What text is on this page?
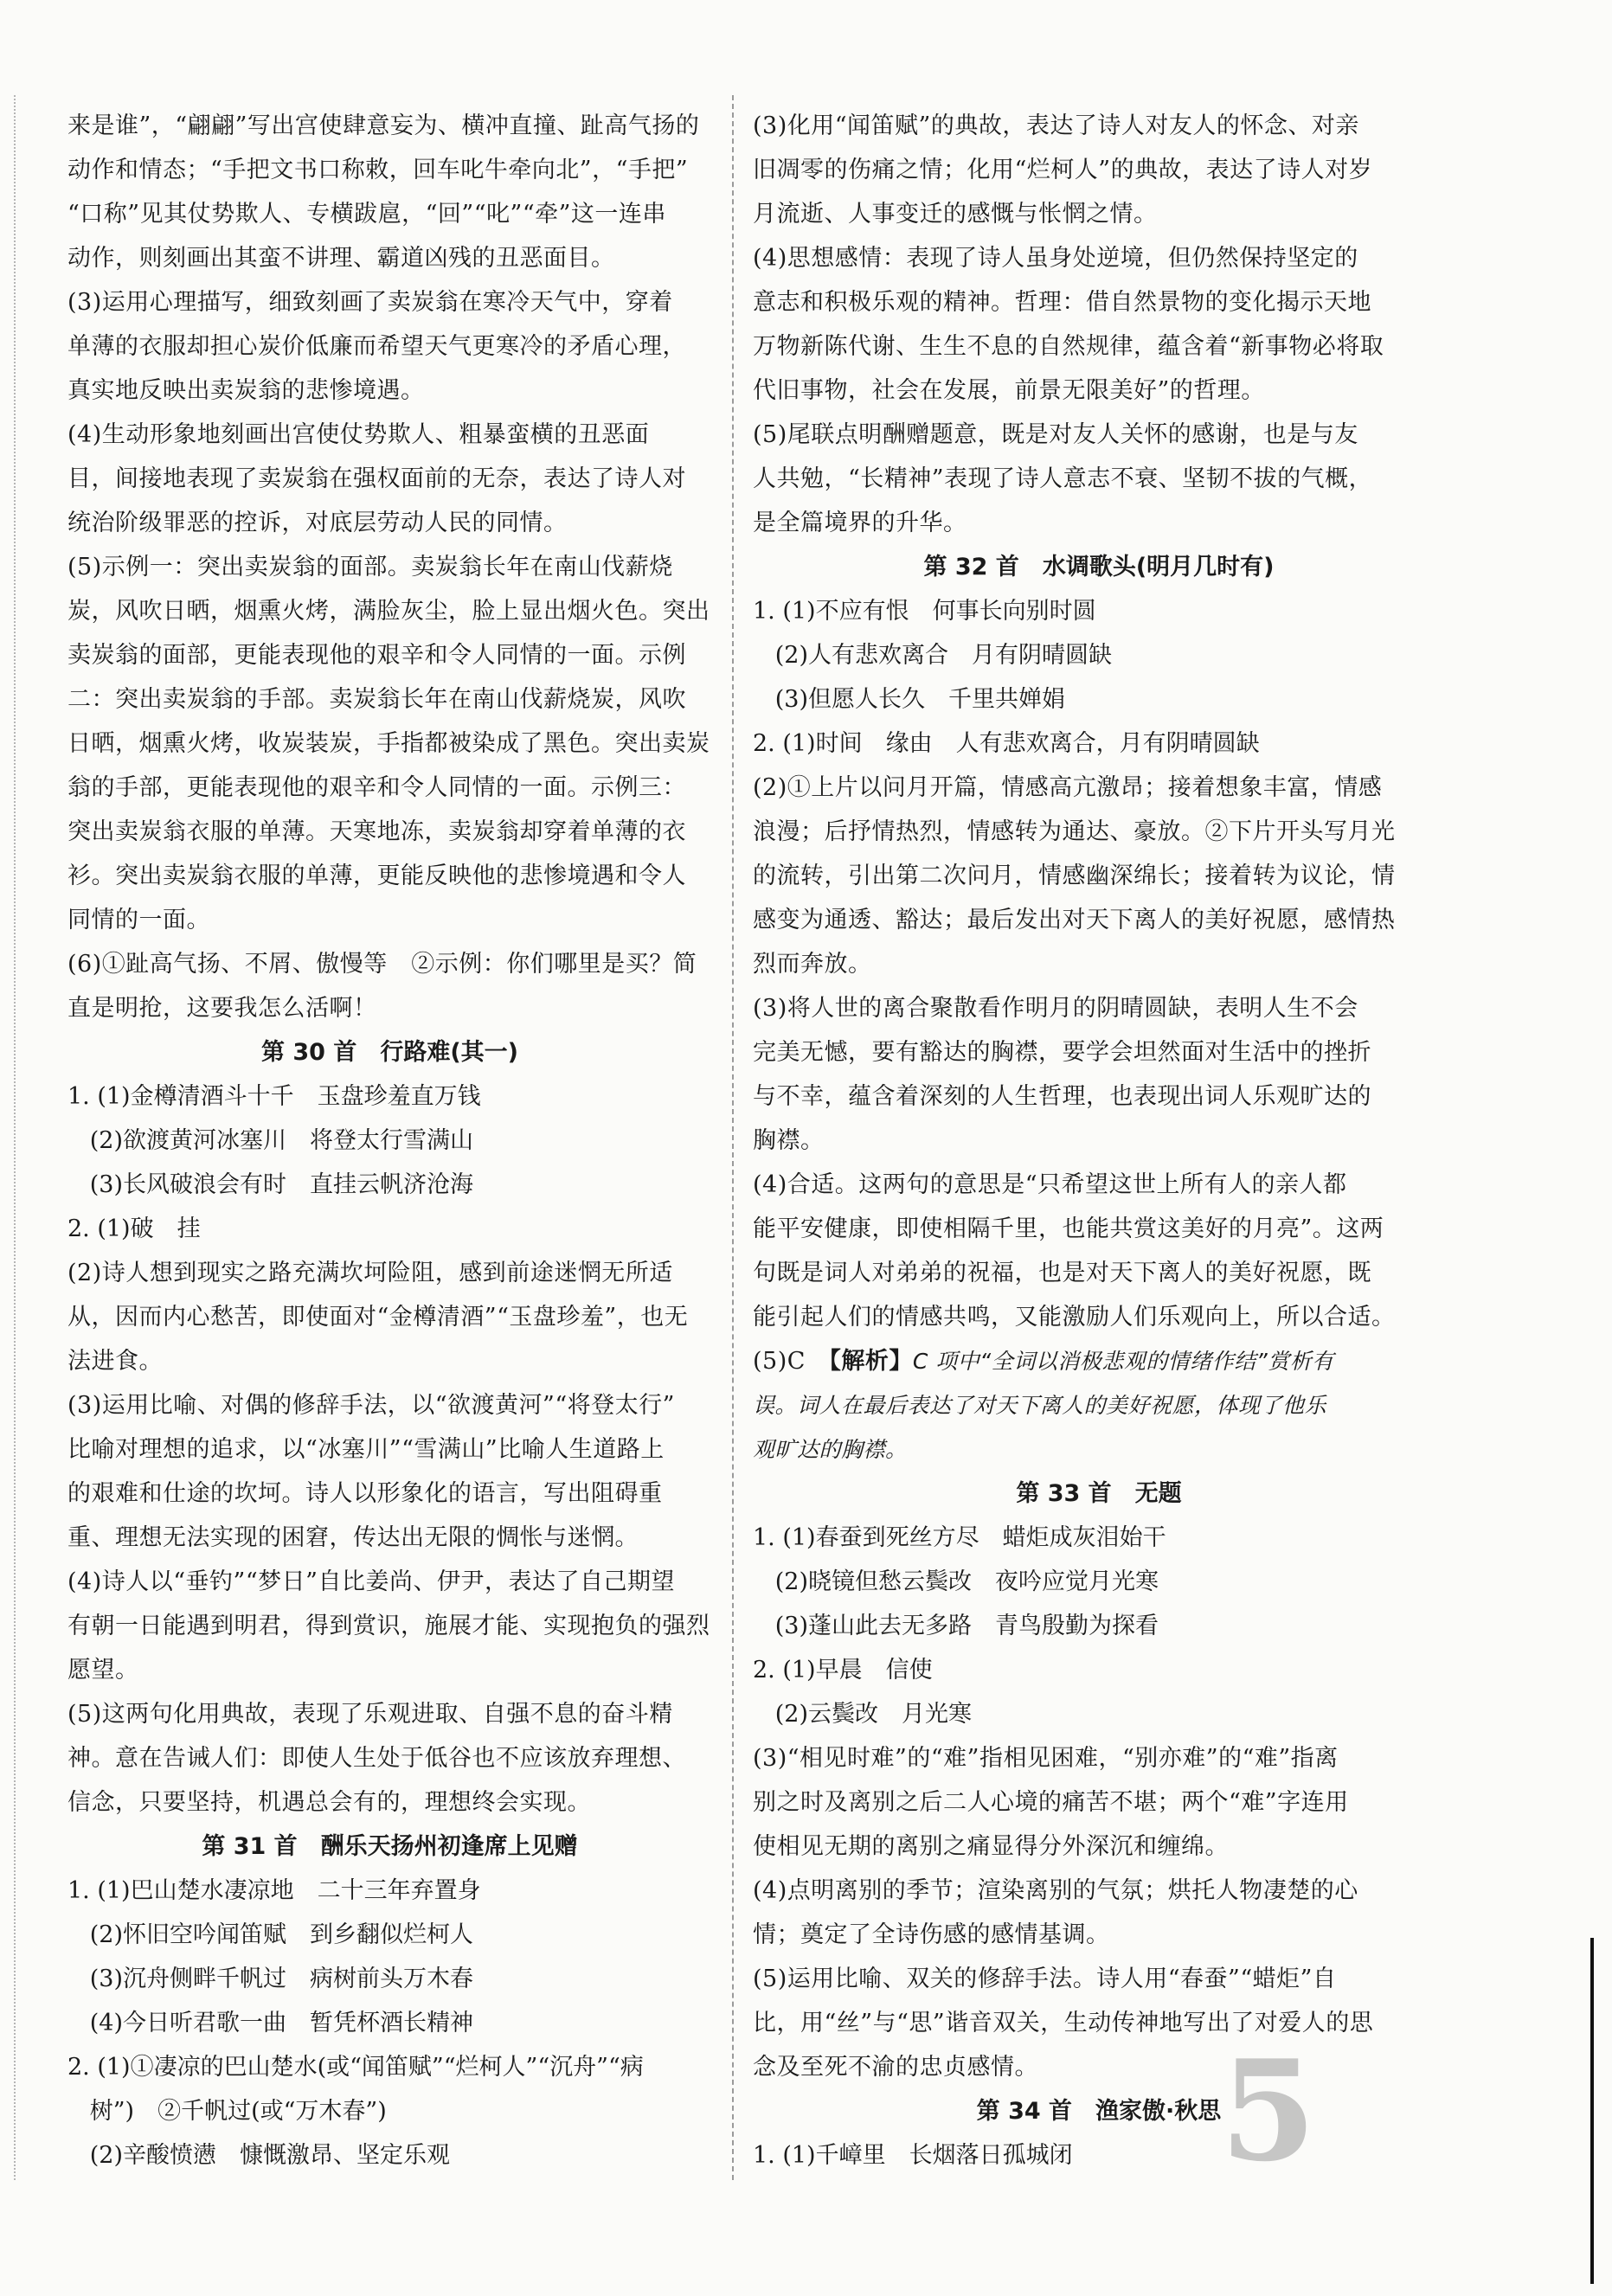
来是谁”，“翩翩”写出宫使肆意妄为、横冲直撞、趾高气扬的

动作和情态；“手把文书口称敕，回车叱牛牵向北”，“手把”

“口称”见其仗势欺人、专横跋扈，“回”“叱”“牵”这一连串

动作，则刻画出其蛮不讲理、霸道凶残的丑恶面目。

(3)运用心理描写，细致刻画了卖炭翁在寒冷天气中，穿着

单薄的衣服却担心炭价低廉而希望天气更寒冷的矛盾心理，

真实地反映出卖炭翁的悲惨境遇。

(4)生动形象地刻画出宫使仗势欺人、粗暴蛮横的丑恶面

目，间接地表现了卖炭翁在强权面前的无奈，表达了诗人对

统治阶级罪恶的控诉，对底层劳动人民的同情。

(5)示例一：突出卖炭翁的面部。卖炭翁长年在南山伐薪烧

炭，风吹日晒，烟熏火烤，满脸灰尘，脸上显出烟火色。突出

卖炭翁的面部，更能表现他的艰辛和令人同情的一面。示例

二：突出卖炭翁的手部。卖炭翁长年在南山伐薪烧炭，风吹

日晒，烟熏火烤，收炭装炭，手指都被染成了黑色。突出卖炭

翁的手部，更能表现他的艰辛和令人同情的一面。示例三：

突出卖炭翁衣服的单薄。天寒地冻，卖炭翁却穿着单薄的衣

衫。突出卖炭翁衣服的单薄，更能反映他的悲惨境遇和令人

同情的一面。

(6)①趾高气扬、不屑、傲慢等　②示例：你们哪里是买？简

直是明抢，这要我怎么活啊！

第 30 首　行路难(其一)

1. (1)金樽清酒斗十千　玉盘珍羞直万钱

(2)欲渡黄河冰塞川　将登太行雪满山

(3)长风破浪会有时　直挂云帆济沧海

2. (1)破　挂

(2)诗人想到现实之路充满坎坷险阻，感到前途迷惘无所适

从，因而内心愁苦，即使面对“金樽清酒”“玉盘珍羞”，也无

法进食。

(3)运用比喻、对偶的修辞手法，以“欲渡黄河”“将登太行”

比喻对理想的追求，以“冰塞川”“雪满山”比喻人生道路上

的艰难和仕途的坎坷。诗人以形象化的语言，写出阻碍重

重、理想无法实现的困窘，传达出无限的惆怅与迷惘。

(4)诗人以“垂钓”“梦日”自比姜尚、伊尹，表达了自己期望

有朝一日能遇到明君，得到赏识，施展才能、实现抱负的强烈

愿望。

(5)这两句化用典故，表现了乐观进取、自强不息的奋斗精

神。意在告诫人们：即使人生处于低谷也不应该放弃理想、

信念，只要坚持，机遇总会有的，理想终会实现。

第 31 首　酬乐天扬州初逢席上见赠

1. (1)巴山楚水凄凉地　二十三年弃置身

(2)怀旧空吟闻笛赋　到乡翻似烂柯人

(3)沉舟侧畔千帆过　病树前头万木春

(4)今日听君歌一曲　暂凭杯酒长精神

2. (1)①凄凉的巴山楚水(或“闻笛赋”“烂柯人”“沉舟”“病

树”)　②千帆过(或“万木春”)

(2)辛酸愤懑　慷慨激昂、坚定乐观

(3)化用“闻笛赋”的典故，表达了诗人对友人的怀念、对亲

旧凋零的伤痛之情；化用“烂柯人”的典故，表达了诗人对岁

月流逝、人事变迁的感慨与怅惘之情。

(4)思想感情：表现了诗人虽身处逆境，但仍然保持坚定的

意志和积极乐观的精神。哲理：借自然景物的变化揭示天地

万物新陈代谢、生生不息的自然规律，蕴含着“新事物必将取

代旧事物，社会在发展，前景无限美好”的哲理。

(5)尾联点明酬赠题意，既是对友人关怀的感谢，也是与友

人共勉，“长精神”表现了诗人意志不衰、坚韧不拔的气概，

是全篇境界的升华。

第 32 首　水调歌头(明月几时有)

1. (1)不应有恨　何事长向别时圆

(2)人有悲欢离合　月有阴晴圆缺

(3)但愿人长久　千里共婵娟

2. (1)时间　缘由　人有悲欢离合，月有阴晴圆缺

(2)①上片以问月开篇，情感高亢激昂；接着想象丰富，情感

浪漫；后抒情热烈，情感转为通达、豪放。②下片开头写月光

的流转，引出第二次问月，情感幽深绵长；接着转为议论，情

感变为通透、豁达；最后发出对天下离人的美好祝愿，感情热

烈而奔放。

(3)将人世的离合聚散看作明月的阴晴圆缺，表明人生不会

完美无憾，要有豁达的胸襟，要学会坦然面对生活中的挫折

与不幸，蕴含着深刻的人生哲理，也表现出词人乐观旷达的

胸襟。

(4)合适。这两句的意思是“只希望这世上所有人的亲人都

能平安健康，即使相隔千里，也能共赏这美好的月亮”。这两

句既是词人对弟弟的祝福，也是对天下离人的美好祝愿，既

能引起人们的情感共鸣，又能激励人们乐观向上，所以合适。

(5)C　【解析】C 项中“全词以消极悲观的情绪作结”赏析有

误。词人在最后表达了对天下离人的美好祝愿，体现了他乐

观旷达的胸襟。

第 33 首　无题

1. (1)春蚕到死丝方尽　蜡炬成灰泪始干

(2)晓镜但愁云鬓改　夜吟应觉月光寒

(3)蓬山此去无多路　青鸟殷勤为探看

2. (1)早晨　信使

(2)云鬓改　月光寒

(3)“相见时难”的“难”指相见困难，“别亦难”的“难”指离

别之时及离别之后二人心境的痛苦不堪；两个“难”字连用

使相见无期的离别之痛显得分外深沉和缠绵。

(4)点明离别的季节；渲染离别的气氛；烘托人物凄楚的心

情；奠定了全诗伤感的感情基调。

(5)运用比喻、双关的修辞手法。诗人用“春蚕”“蜡炬”自

比，用“丝”与“思”谐音双关，生动传神地写出了对爱人的思

念及至死不渝的忠贞感情。

第 34 首　渔家傲·秋思

1. (1)千嶂里　长烟落日孤城闭	5
